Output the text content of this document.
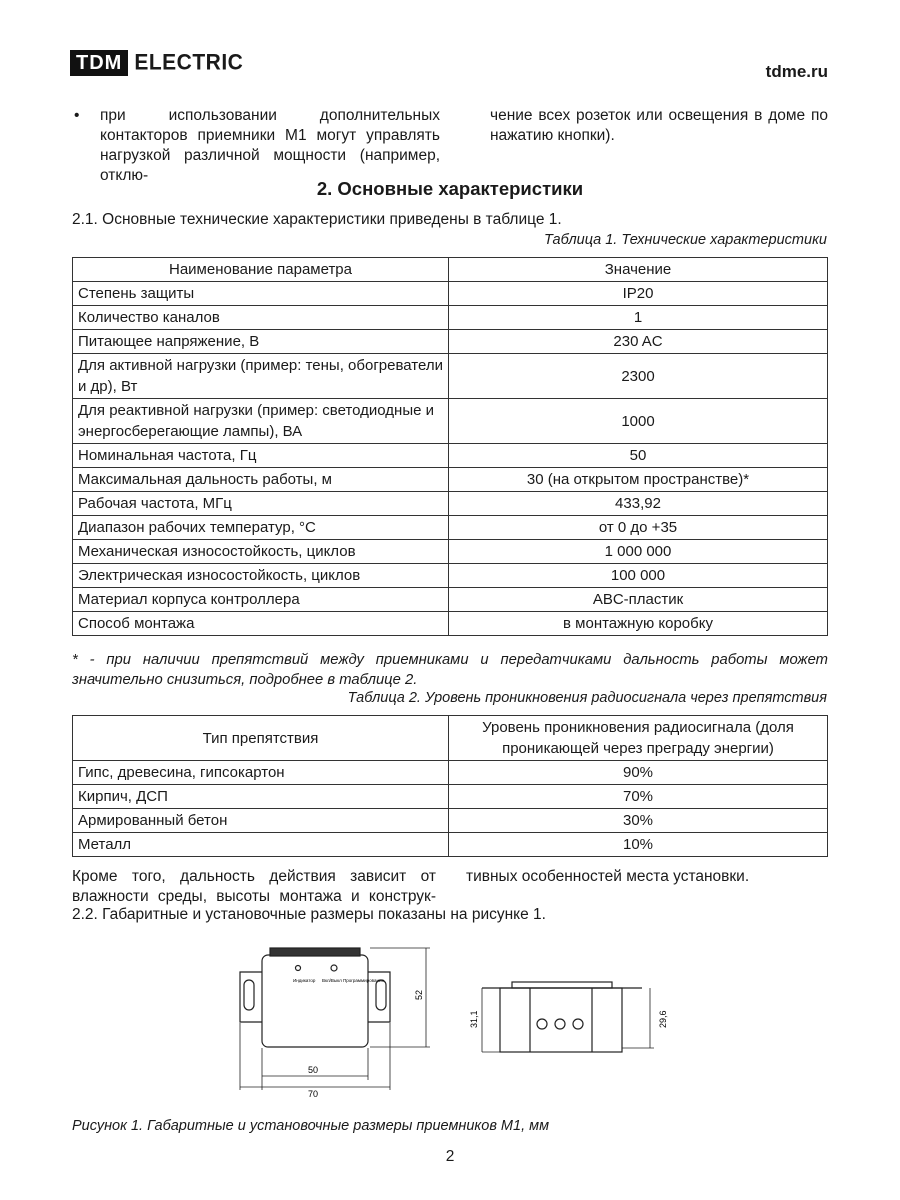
TDM ELECTRIC	tdme.ru
•	при использовании дополнительных контакторов приемники М1 могут управлять нагрузкой различной мощности (например, отклю-
чение всех розеток или освещения в доме по нажатию кнопки).
2. Основные характеристики
2.1. Основные технические характеристики приведены в таблице 1.
Таблица 1. Технические характеристики
Наименование параметра	Значение
Степень защиты	IP20
Количество каналов	1
Питающее напряжение, В	230 AC
Для активной нагрузки (пример: тены, обогреватели и др), Вт	2300
Для реактивной нагрузки (пример: светодиодные и энергосберегающие лампы), ВА	1000
Номинальная частота, Гц	50
Максимальная дальность работы, м	30 (на открытом пространстве)*
Рабочая частота, МГц	433,92
Диапазон рабочих температур, °С	от 0 до +35
Механическая износостойкость, циклов	1 000 000
Электрическая износостойкость, циклов	100 000
Материал корпуса контроллера	ABC-пластик
Способ монтажа	в монтажную коробку
* - при наличии препятствий между приемниками и передатчиками дальность работы может значительно снизиться, подробнее в таблице 2.
Таблица 2. Уровень проникновения радиосигнала через препятствия
Тип препятствия	Уровень проникновения радиосигнала (доля проникающей через преграду энергии)
Гипс, древесина, гипсокартон	90%
Кирпич, ДСП	70%
Армированный бетон	30%
Металл	10%
Кроме того, дальность действия зависит от влажности среды, высоты монтажа и конструк-
тивных особенностей места установки.
2.2. Габаритные и установочные размеры показаны на рисунке 1.
Индикатор Вкл/Выкл Программирование
50
70
52
31,1	29,6
Рисунок 1. Габаритные и установочные размеры приемников М1, мм
2
